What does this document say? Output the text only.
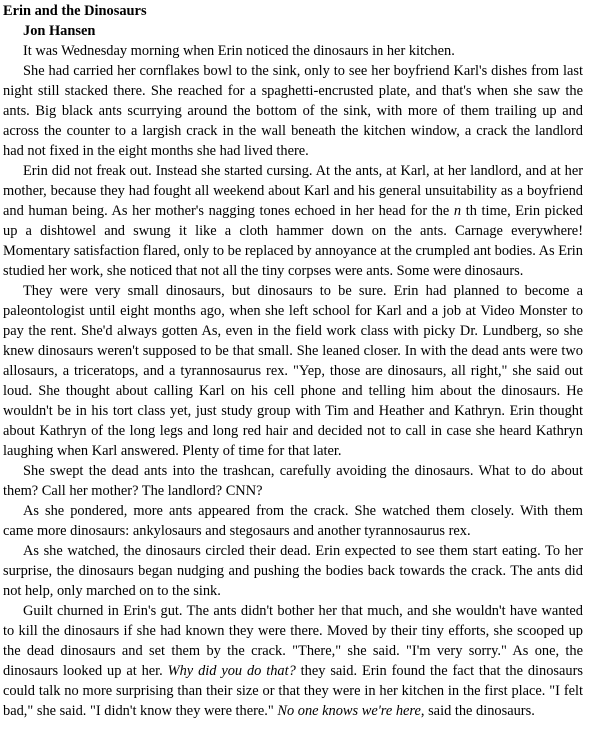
Erin and the Dinosaurs
Jon Hansen

It was Wednesday morning when Erin noticed the dinosaurs in her kitchen.

She had carried her cornflakes bowl to the sink, only to see her boyfriend Karl's dishes from last night still stacked there. She reached for a spaghetti-encrusted plate, and that's when she saw the ants. Big black ants scurrying around the bottom of the sink, with more of them trailing up and across the counter to a largish crack in the wall beneath the kitchen window, a crack the landlord had not fixed in the eight months she had lived there.

Erin did not freak out. Instead she started cursing. At the ants, at Karl, at her landlord, and at her mother, because they had fought all weekend about Karl and his general unsuitability as a boyfriend and human being. As her mother's nagging tones echoed in her head for the n th time, Erin picked up a dishtowel and swung it like a cloth hammer down on the ants. Carnage everywhere! Momentary satisfaction flared, only to be replaced by annoyance at the crumpled ant bodies. As Erin studied her work, she noticed that not all the tiny corpses were ants. Some were dinosaurs.

They were very small dinosaurs, but dinosaurs to be sure. Erin had planned to become a paleontologist until eight months ago, when she left school for Karl and a job at Video Monster to pay the rent. She'd always gotten As, even in the field work class with picky Dr. Lundberg, so she knew dinosaurs weren't supposed to be that small. She leaned closer. In with the dead ants were two allosaurs, a triceratops, and a tyrannosaurus rex. "Yep, those are dinosaurs, all right," she said out loud. She thought about calling Karl on his cell phone and telling him about the dinosaurs. He wouldn't be in his tort class yet, just study group with Tim and Heather and Kathryn. Erin thought about Kathryn of the long legs and long red hair and decided not to call in case she heard Kathryn laughing when Karl answered. Plenty of time for that later.

She swept the dead ants into the trashcan, carefully avoiding the dinosaurs. What to do about them? Call her mother? The landlord? CNN?

As she pondered, more ants appeared from the crack. She watched them closely. With them came more dinosaurs: ankylosaurs and stegosaurs and another tyrannosaurus rex.

As she watched, the dinosaurs circled their dead. Erin expected to see them start eating. To her surprise, the dinosaurs began nudging and pushing the bodies back towards the crack. The ants did not help, only marched on to the sink.

Guilt churned in Erin's gut. The ants didn't bother her that much, and she wouldn't have wanted to kill the dinosaurs if she had known they were there. Moved by their tiny efforts, she scooped up the dead dinosaurs and set them by the crack. "There," she said. "I'm very sorry." As one, the dinosaurs looked up at her. Why did you do that? they said. Erin found the fact that the dinosaurs could talk no more surprising than their size or that they were in her kitchen in the first place. "I felt bad," she said. "I didn't know they were there." No one knows we're here, said the dinosaurs.
